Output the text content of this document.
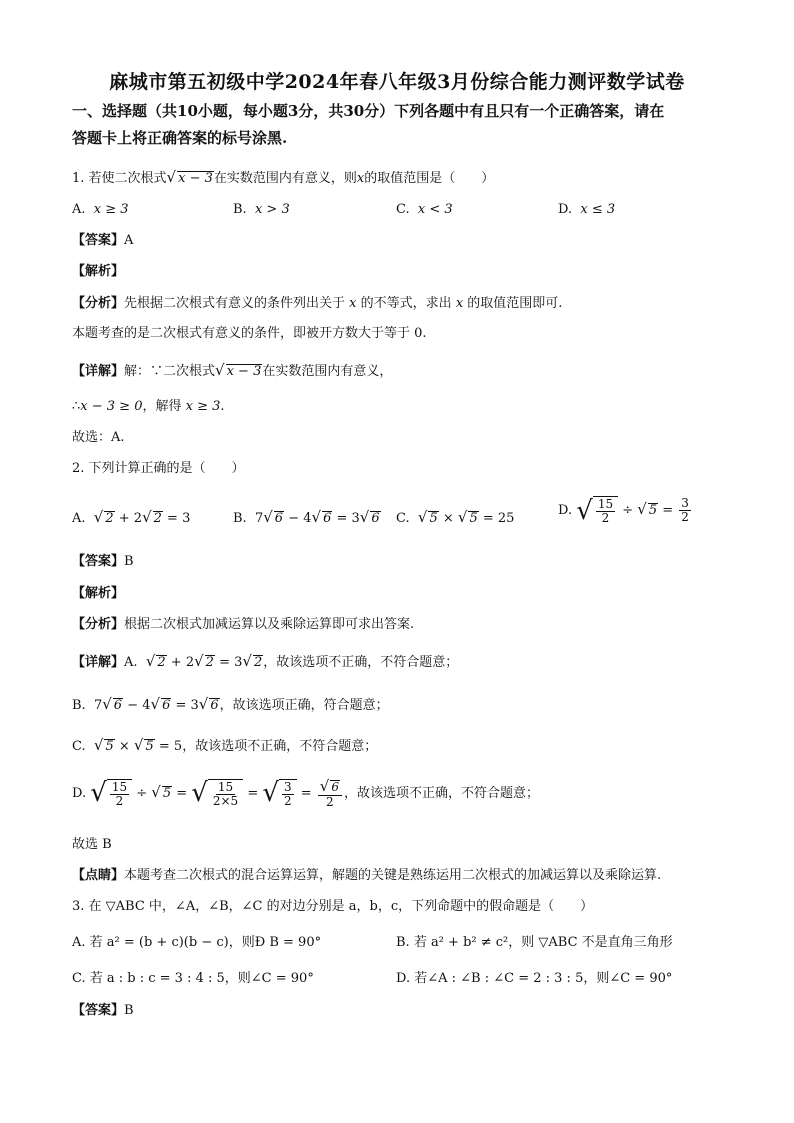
麻城市第五初级中学2024年春八年级3月份综合能力测评数学试卷
一、选择题（共10小题，每小题3分，共30分）下列各题中有且只有一个正确答案，请在
答题卡上将正确答案的标号涂黑.
1. 若使二次根式√ x − 3在实数范围内有意义，则x的取值范围是（　　）
A. x ≥ 3	B. x > 3	C. x < 3	D. x ≤ 3
【答案】A
【解析】
【分析】先根据二次根式有意义的条件列出关于 x 的不等式，求出 x 的取值范围即可.
本题考查的是二次根式有意义的条件，即被开方数大于等于 0.
【详解】解：∵二次根式√ x − 3在实数范围内有意义，
∴x − 3 ≥ 0，解得 x ≥ 3.
故选：A.
2. 下列计算正确的是（　　）
A. √ 2 + 2√ 2 = 3	B. 7√ 6 − 4√ 6 = 3√ 6 C. √ 5 × √ 5 = 25
D. √ $\frac{15}{2}$ ÷ √ $5 = \frac{3}{2}$
【答案】B
【解析】
【分析】根据二次根式加减运算以及乘除运算即可求出答案.
【详解】A. √ 2 + 2√ 2 = 3√ 2，故该选项不正确，不符合题意；
B. 7√ 6 − 4√ 6 = 3√ 6，故该选项正确，符合题意；
C. √ 5 × √ 5 = 5，故该选项不正确，不符合题意；
D. √ $\frac{15}{2}$ ÷ √ 5 = √ $\frac{15}{2\times 5}$ = √ $\frac{3}{2} = \frac{√ 6}{2}$ ，故该选项不正确，不符合题意；
故选 B
【点睛】本题考查二次根式的混合运算运算，解题的关键是熟练运用二次根式的加减运算以及乘除运算.
3. 在 ▽ABC 中，∠A，∠B，∠C 的对边分别是 a，b，c，下列命题中的假命题是（　　）
A. 若 a² = (b + c)(b − c)，则Ð B = 90°	B. 若 a² + b² ≠ c²，则 ▽ABC 不是直角三角形
C. 若 a : b : c = 3 : 4 : 5，则∠C = 90°	D. 若∠A : ∠B : ∠C = 2 : 3 : 5，则∠C = 90°
【答案】B
